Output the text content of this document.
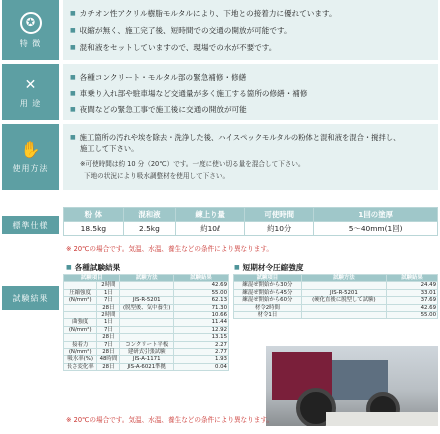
✪
特 徴
■ カチオン性アクリル樹脂モルタルにより、下地との接着力に優れています。
■ 収縮が無く、施工完了後、短時間での交通の開放が可能です。
■ 混和液をセットしていますので、現場での水が不要です。
✕
用 途
■ 各種コンクリート・モルタル部の緊急補修・修繕
■ 車乗り入れ部や駐車場など交通量が多く施工する箇所の修繕・補修
■ 夜間などの緊急工事で施工後に交通の開放が可能
✋
使用方法
■ 施工箇所の汚れや埃を除去・洗浄した後、ハイスペックモルタルの粉体と混和液を混合・撹拌し、
施工して下さい。
※可使時間は約 10 分（20℃）です。一度に使い切る量を混合して下さい。
下地の状況により吸水調整材を使用して下さい。
標準仕様
粉 体	混和液	練上り量	可使時間	1回の塗厚
18.5kg	2.5kg	約10ℓ	約10分	5〜40mm(1回)
※ 20℃の場合です。気温、水温、養生などの条件により異なります。
試験結果
■ 各種試験結果
試験項目		試験方法	試験結果
	2時間		42.69
圧縮強度	1日		55.00
(N/mm²)	7日	JIS-R-5201	62.13
	28日	(脱型後、気中養生)	71.30
	2時間		10.66
曲強度	1日		11.44
(N/mm²)	7日		12.92
	28日		13.15
接着力	7日	コンクリート平板	2.27
(N/mm²)	28日	建研式引張試験	2.77
吸水率(%)	48時間	JIS-A-1171	1.93
長さ変化率	28日	JIS-A-6021準拠	0.04
■ 短期材令圧縮強度
試験項目	試験方法	試験結果
練混ぜ開始から30分		24.49
練混ぜ開始から45分	JIS-R-5201	33.01
練混ぜ開始から60分	(硬化直後に脱型して試験)	37.69
材令2時間		42.69
材令1日		55.00
※ 20℃の場合です。気温、水温、養生などの条件により異なります。
